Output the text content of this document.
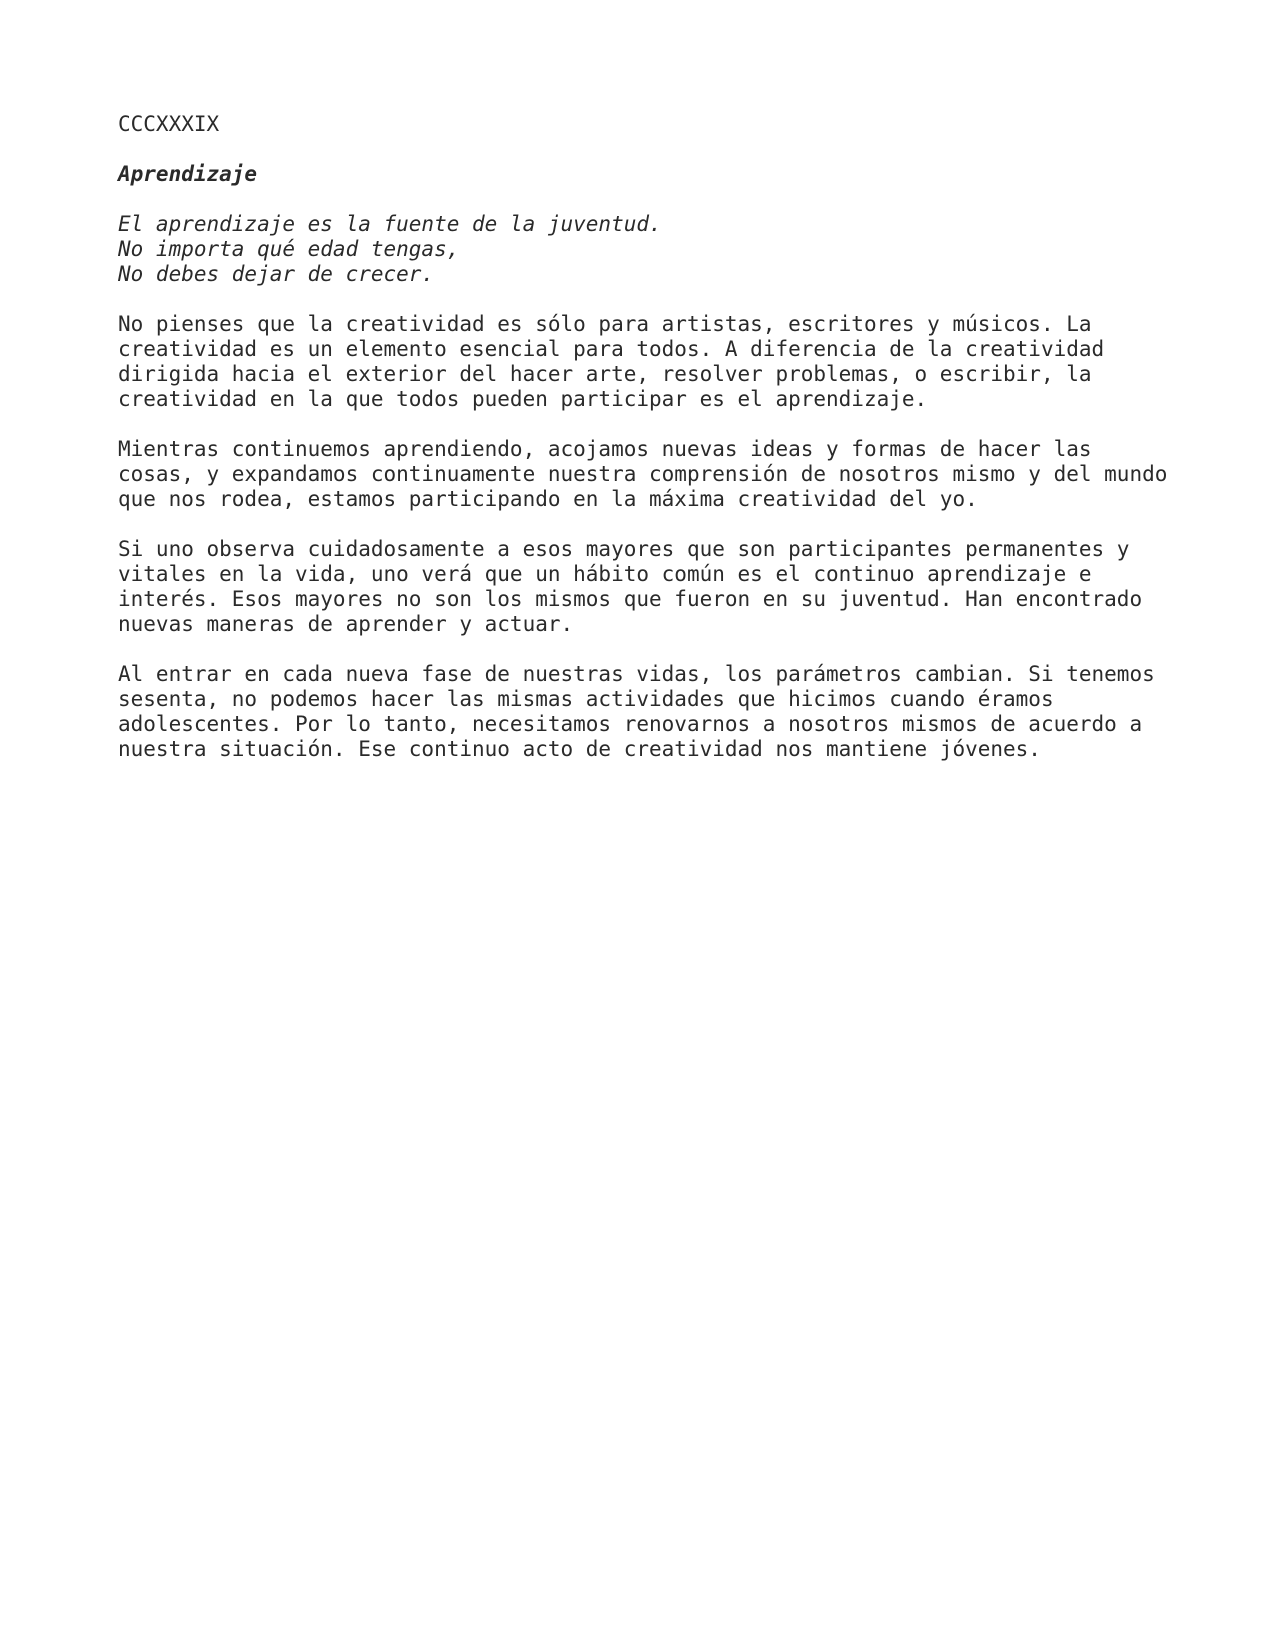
CCCXXXIX
Aprendizaje
El aprendizaje es la fuente de la juventud.
No importa qué edad tengas,
No debes dejar de crecer.
No pienses que la creatividad es sólo para artistas, escritores y músicos. La
creatividad es un elemento esencial para todos. A diferencia de la creatividad
dirigida hacia el exterior del hacer arte, resolver problemas, o escribir, la
creatividad en la que todos pueden participar es el aprendizaje.
Mientras continuemos aprendiendo, acojamos nuevas ideas y formas de hacer las
cosas, y expandamos continuamente nuestra comprensión de nosotros mismo y del mundo
que nos rodea, estamos participando en la máxima creatividad del yo.
Si uno observa cuidadosamente a esos mayores que son participantes permanentes y
vitales en la vida, uno verá que un hábito común es el continuo aprendizaje e
interés. Esos mayores no son los mismos que fueron en su juventud. Han encontrado
nuevas maneras de aprender y actuar.
Al entrar en cada nueva fase de nuestras vidas, los parámetros cambian. Si tenemos
sesenta, no podemos hacer las mismas actividades que hicimos cuando éramos
adolescentes. Por lo tanto, necesitamos renovarnos a nosotros mismos de acuerdo a
nuestra situación. Ese continuo acto de creatividad nos mantiene jóvenes.
